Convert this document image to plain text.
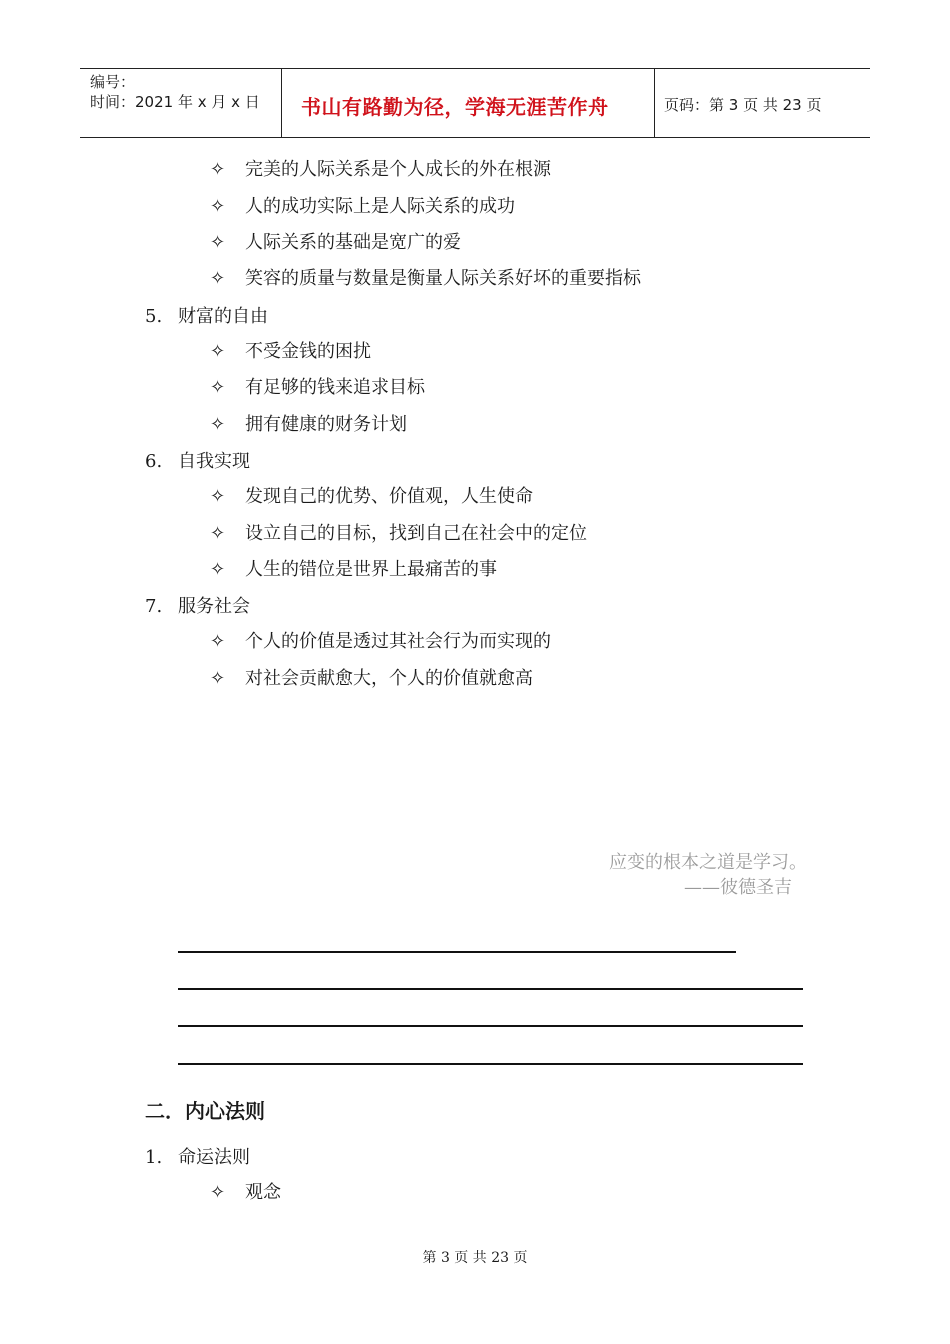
编号：
时间：2021 年 x 月 x 日 书山有路勤为径，学海无涯苦作舟	页码：第 3 页 共 23 页
✧ 完美的人际关系是个人成长的外在根源
✧ 人的成功实际上是人际关系的成功
✧ 人际关系的基础是宽广的爱
✧ 笑容的质量与数量是衡量人际关系好坏的重要指标
5. 财富的自由
✧ 不受金钱的困扰
✧ 有足够的钱来追求目标
✧ 拥有健康的财务计划
6. 自我实现
✧ 发现自己的优势、价值观，人生使命
✧ 设立自己的目标，找到自己在社会中的定位
✧ 人生的错位是世界上最痛苦的事
7. 服务社会
✧ 个人的价值是透过其社会行为而实现的
✧ 对社会贡献愈大，个人的价值就愈高
应变的根本之道是学习。
——彼德圣吉
二．内心法则
1. 命运法则
✧ 观念
第 3 页 共 23 页
